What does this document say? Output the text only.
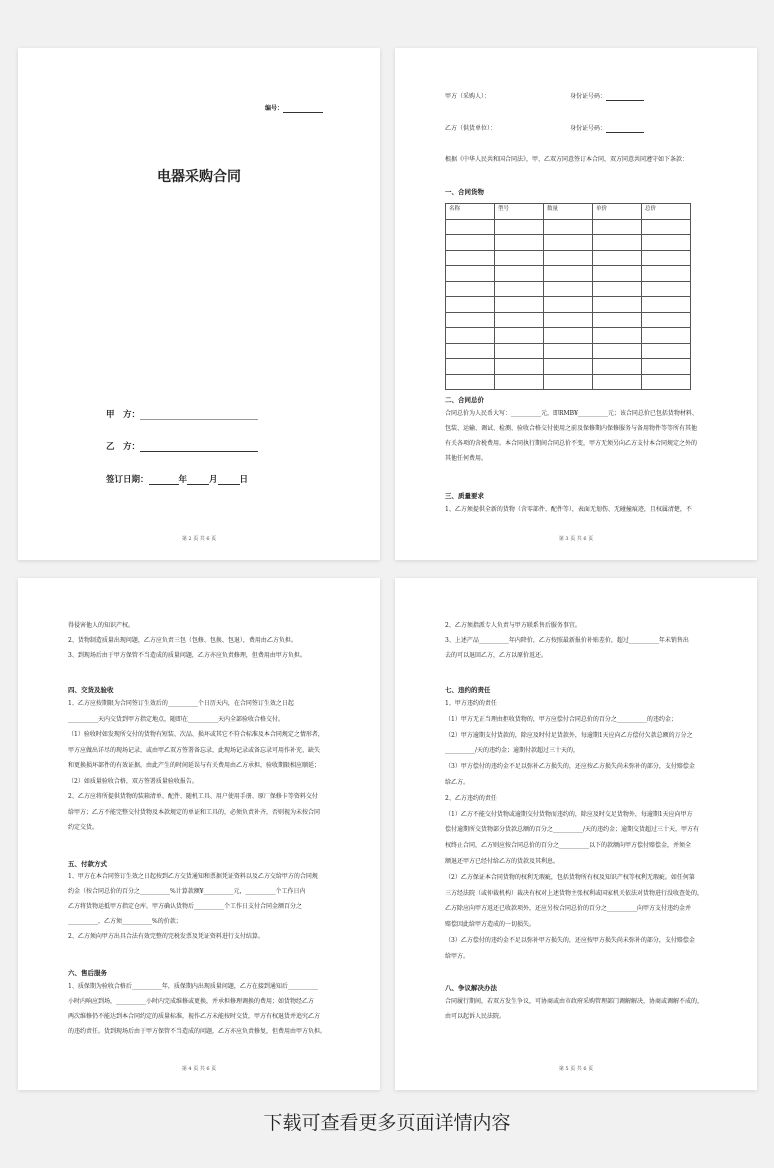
编号：
电器采购合同
甲　方：
乙　方：
签订日期：	年	月	日
第 2 页 共 6 页
甲方（采购人）：	身份证号码：
乙方（供货单位）：	身份证号码：
根据《中华人民共和国合同法》，甲、乙双方同意签订本合同，双方同意共同遵守如下条款：
一、合同货物
名称	型号	数量	单价	总价

二、合同总价
合同总价为人民币大写：__________元，即RMB¥__________元；该合同总价已包括货物材料、
包装、运输、调试、检测、验收合格交付使用之前及保修期内保修服务与备用物件等等所有其他
有关各项的含税费用。本合同执行期间合同总价不变，甲方无须另向乙方支付本合同规定之外的
其他任何费用。
三、质量要求
1、乙方须提供全新的货物（含零部件、配件等），表面无划伤、无碰撞痕迹，且权属清楚，不
第 3 页 共 6 页
得侵害他人的知识产权。
2、货物制造质量出现问题，乙方应负责三包（包修、包换、包退），费用由乙方负担。
3、到现场后由于甲方保管不当造成的质量问题，乙方亦应负责修理，但费用由甲方负担。
四、交货及验收
1、乙方应按期限为合同签订生效后的__________个日历天内，在合同签订生效之日起
__________天内交货到甲方指定地点，随即在__________天内全部验收合格交付。
（1）验收时如发现所交付的货物有短装、次品、损坏或其它不符合标准及本合同规定之情形者，
甲方应做出详尽的现场记录，或由甲乙双方签署备忘录，此现场记录或备忘录可用作补充、缺失
和更换损坏部件的有效证据，由此产生的时间延误与有关费用由乙方承担，验收期限相应顺延；
（2）如质量验收合格，双方签署质量验收报告。
2、乙方应将所提供货物的装箱清单、配件、随机工具、用户使用手册、原厂保修卡等资料交付
给甲方；乙方不能完整交付货物及本款规定的单证和工具的，必须负责补齐，否则视为未按合同
约定交货。
五、付款方式
1、甲方在本合同签订生效之日起按到乙方交货通知和票据凭证资料以及乙方交给甲方的合同规
约金（按合同总价的百分之__________%计算款额¥__________元，__________个工作日内
乙方将货物运抵甲方指定仓库，甲方确认货物后__________个工作日支付合同金额百分之
__________，乙方须__________%的价款；
2、乙方须向甲方出具合法有效完整的完税发票及凭证资料进行支付结算。
六、售后服务
1、质保期为验收合格后__________年，质保期内出现质量问题，乙方在接到通知后__________
小时内响应到场，__________小时内完成维修或更换，并承担修理调换的费用；如货物经乙方
两次维修仍不能达到本合同约定的质量标准，视作乙方未能按时交货，甲方有权退货并追究乙方
的违约责任。货到现场后由于甲方保管不当造成的问题，乙方亦应负责修复，但费用由甲方负担。
第 4 页 共 6 页
2、乙方须指派专人负责与甲方联系售后服务事宜。
3、上述产品__________年内降价，乙方按照最新报价补贴差价，超过__________年未销售出
去的可以退回乙方，乙方以原价返还。
七、违约的责任
1、甲方违约的责任
（1）甲方无正当理由拒收货物的，甲方应偿付合同总价的百分之__________的违约金；
（2）甲方逾期支付货款的，除应及时付足货款外，每逾期1天应向乙方偿付欠款总额的万分之
__________/天的违约金；逾期付款超过三十天的，
（3）甲方偿付的违约金不足以弥补乙方损失的，还应按乙方损失尚未弥补的部分，支付赔偿金
给乙方。
2、乙方违约的责任
（1）乙方不能交付货物或逾期交付货物而违约的，除应及时交足货物外，每逾期1天应向甲方
偿付逾期所交货物部分货款总额的百分之__________/天的违约金；逾期交货超过三十天，甲方有
权终止合同，乙方则应按合同总价的百分之__________以下的款额向甲方偿付赔偿金，并须全
额退还甲方已经付给乙方的货款及其利息。
（2）乙方保证本合同货物的权利无瑕疵，包括货物所有权及知识产权等权利无瑕疵。如任何第
三方经法院（或仲裁机构）裁决有权对上述货物主张权利或国家机关依法对货物进行没收查处的，
乙方除应向甲方返还已收款项外，还应另按合同总价的百分之__________向甲方支付违约金并
赔偿因此给甲方造成的一切损失。
（3）乙方偿付的违约金不足以弥补甲方损失的，还应按甲方损失尚未弥补的部分，支付赔偿金
给甲方。
八、争议解决办法
合同履行期间，若双方发生争议，可协商或由市政府采购管理部门调解解决，协商或调解不成的，
由可以起诉人民法院。
第 5 页 共 6 页
下载可查看更多页面详情内容
